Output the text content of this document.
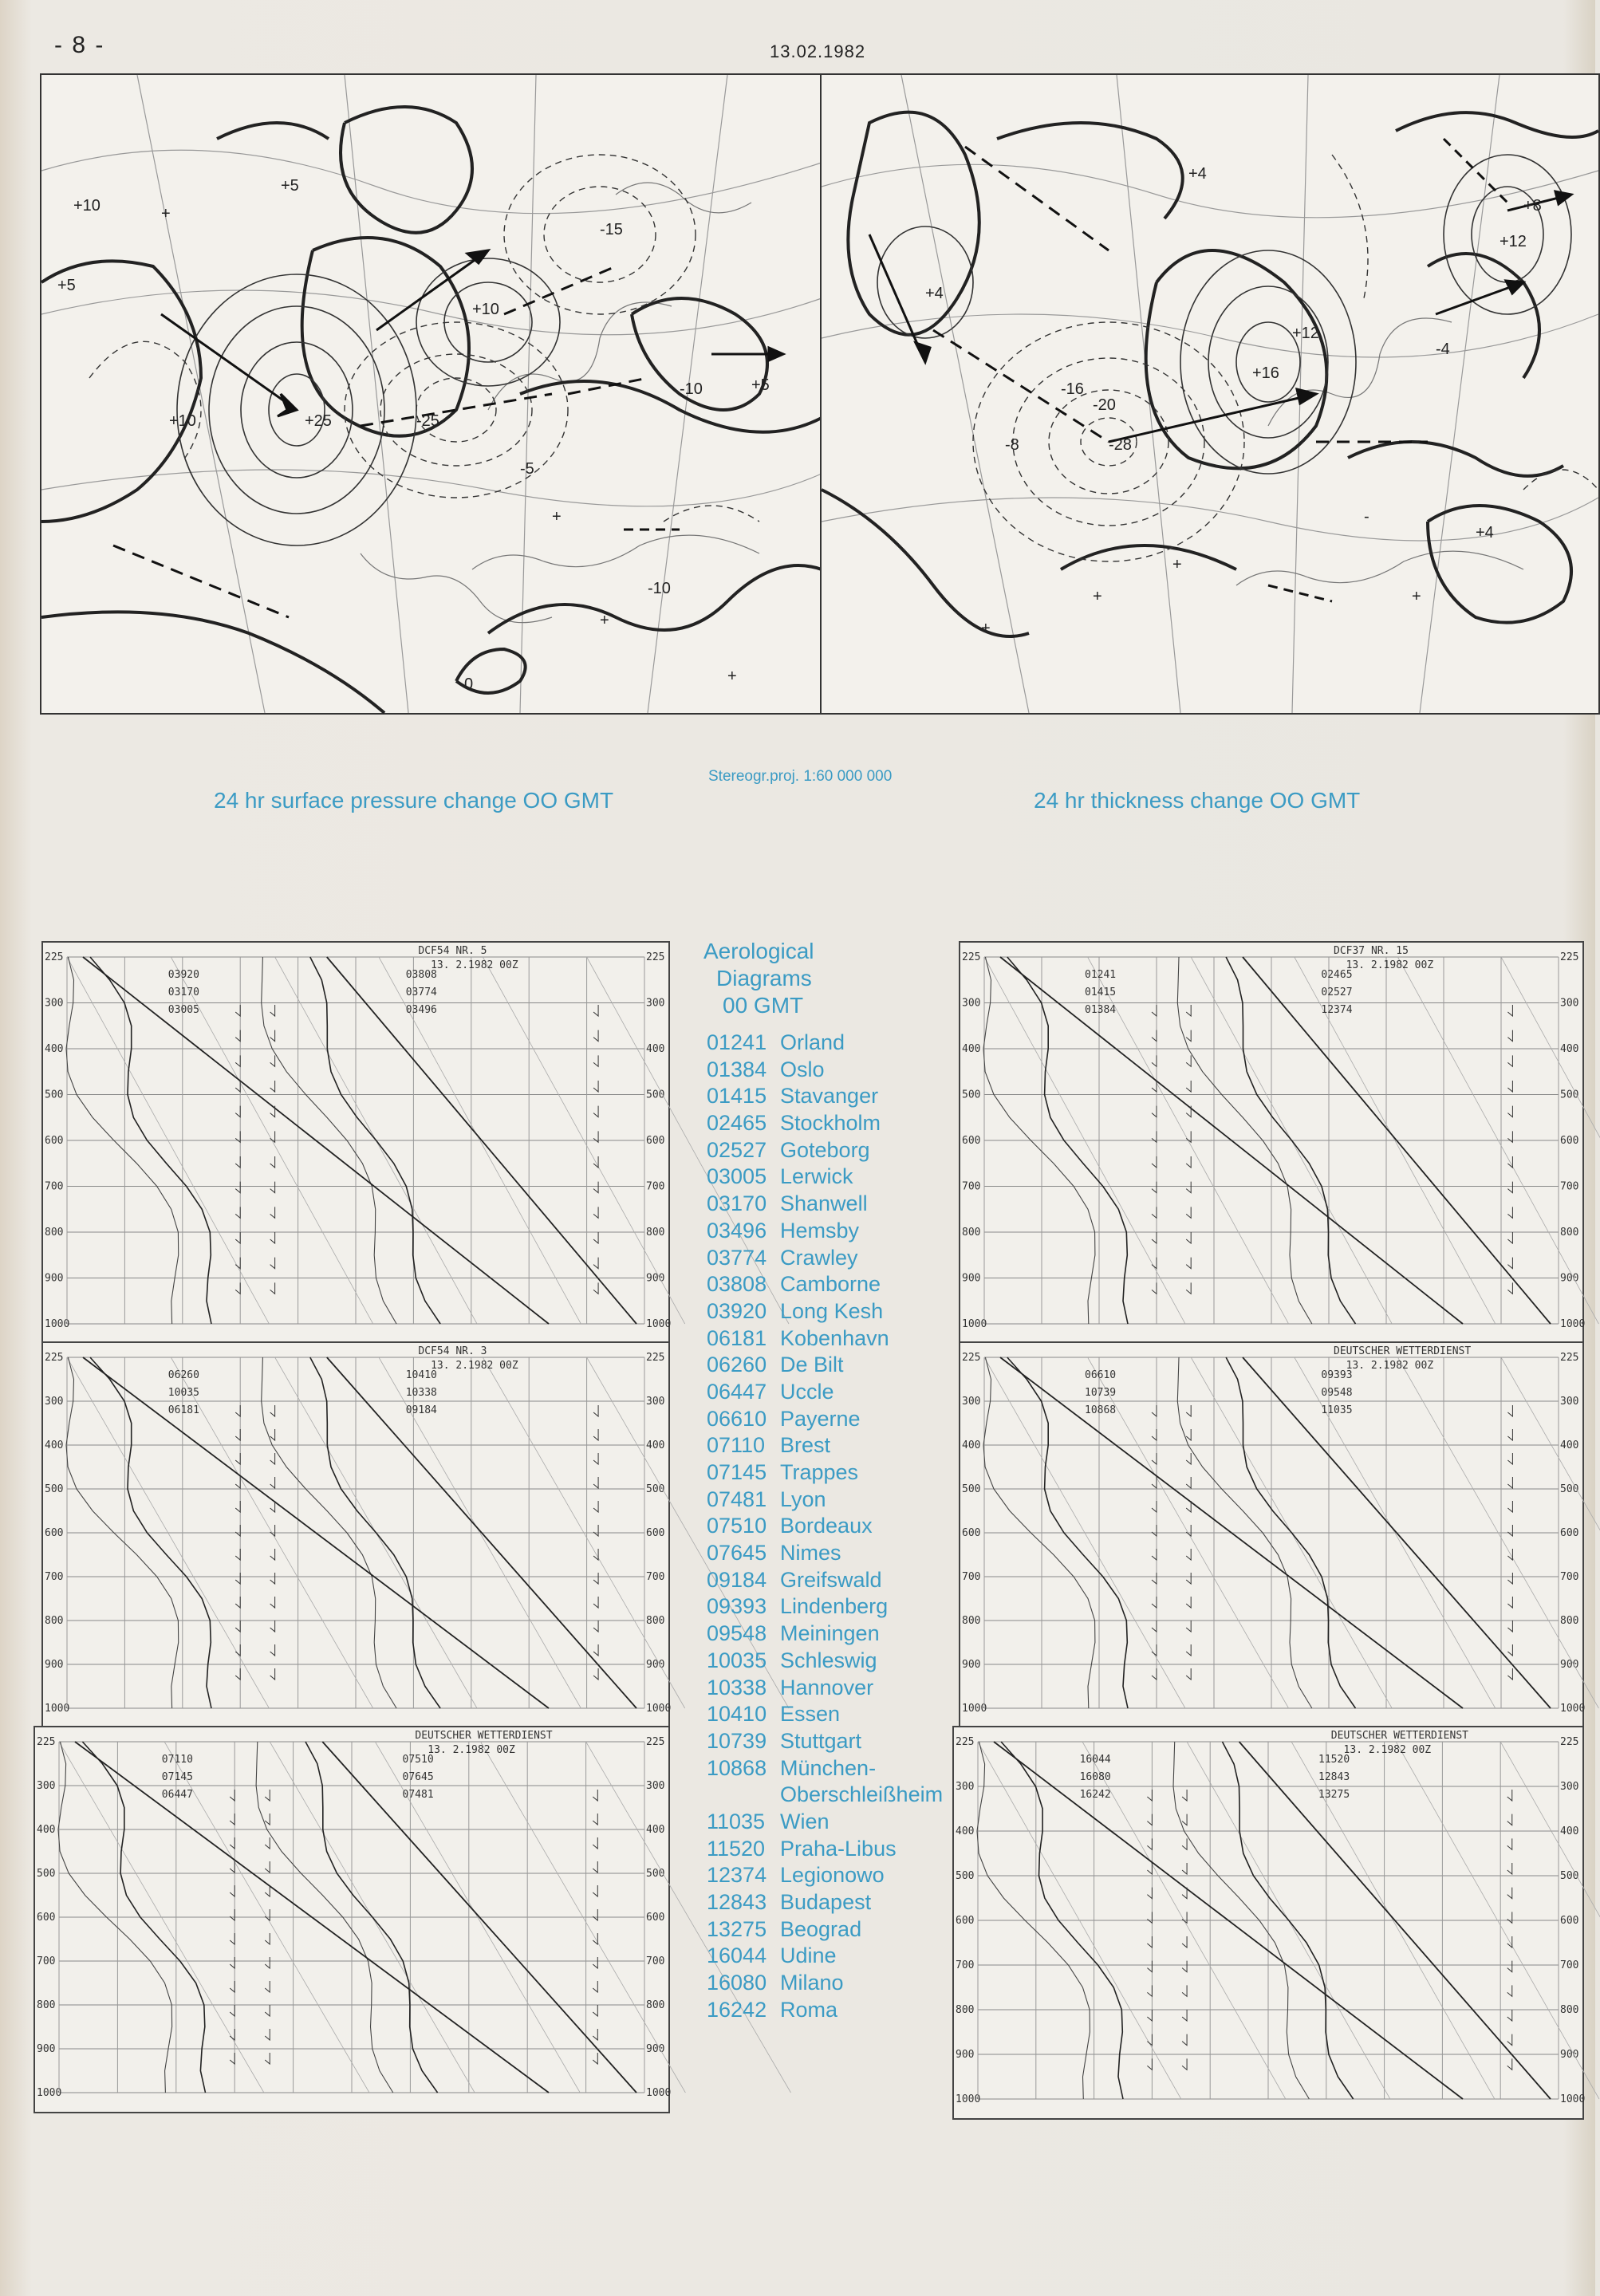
- 8 -	13.02.1982
+
+5
+10
+25
+10	-25
-15
-10	+5
+10
+5
-10
+
+
+
0
-5
+4
+16
+12
+12
+8
-28
-16
-20
-8
-4
+4
+4
+
+
+
-
+
Stereogr.proj. 1:60 000 000
24 hr surface pressure change OO GMT	24 hr thickness change OO GMT
225	225
300	300
400	400
500	500
600	600
700	700
800	800
900	900
1000	1000
DCF54 NR. 5
13. 2.1982 00Z
03920
03170
03005
03808
03774
03496
225	225
300	300
400	400
500	500
600	600
700	700
800	800
900	900
1000	1000
DCF54 NR. 3
13. 2.1982 00Z
06260
10035
06181
10410
10338
09184
225	225
300	300
400	400
500	500
600	600
700	700
800	800
900	900
1000	1000
DEUTSCHER WETTERDIENST
13. 2.1982 00Z
07110
07145
06447
07510
07645
07481
225	225
300	300
400	400
500	500
600	600
700	700
800	800
900	900
1000	1000
DCF37 NR. 15
13. 2.1982 00Z
01241
01415
01384
02465
02527
12374
225	225
300	300
400	400
500	500
600	600
700	700
800	800
900	900
1000	1000
DEUTSCHER WETTERDIENST
13. 2.1982 00Z
06610
10739
10868
09393
09548
11035
225	225
300	300
400	400
500	500
600	600
700	700
800	800
900	900
1000	1000
DEUTSCHER WETTERDIENST
13. 2.1982 00Z
16044
16080
16242
11520
12843
13275
Aerological
Diagrams
00 GMT
01241 Orland
01384 Oslo
01415 Stavanger
02465 Stockholm
02527 Goteborg
03005 Lerwick
03170 Shanwell
03496 Hemsby
03774 Crawley
03808 Camborne
03920 Long Kesh
06181 Kobenhavn
06260 De Bilt
06447 Uccle
06610 Payerne
07110 Brest
07145 Trappes
07481 Lyon
07510 Bordeaux
07645 Nimes
09184 Greifswald
09393 Lindenberg
09548 Meiningen
10035 Schleswig
10338 Hannover
10410 Essen
10739 Stuttgart
10868 München-
Oberschleißheim
11035 Wien
11520 Praha-Libus
12374 Legionowo
12843 Budapest
13275 Beograd
16044 Udine
16080 Milano
16242 Roma
